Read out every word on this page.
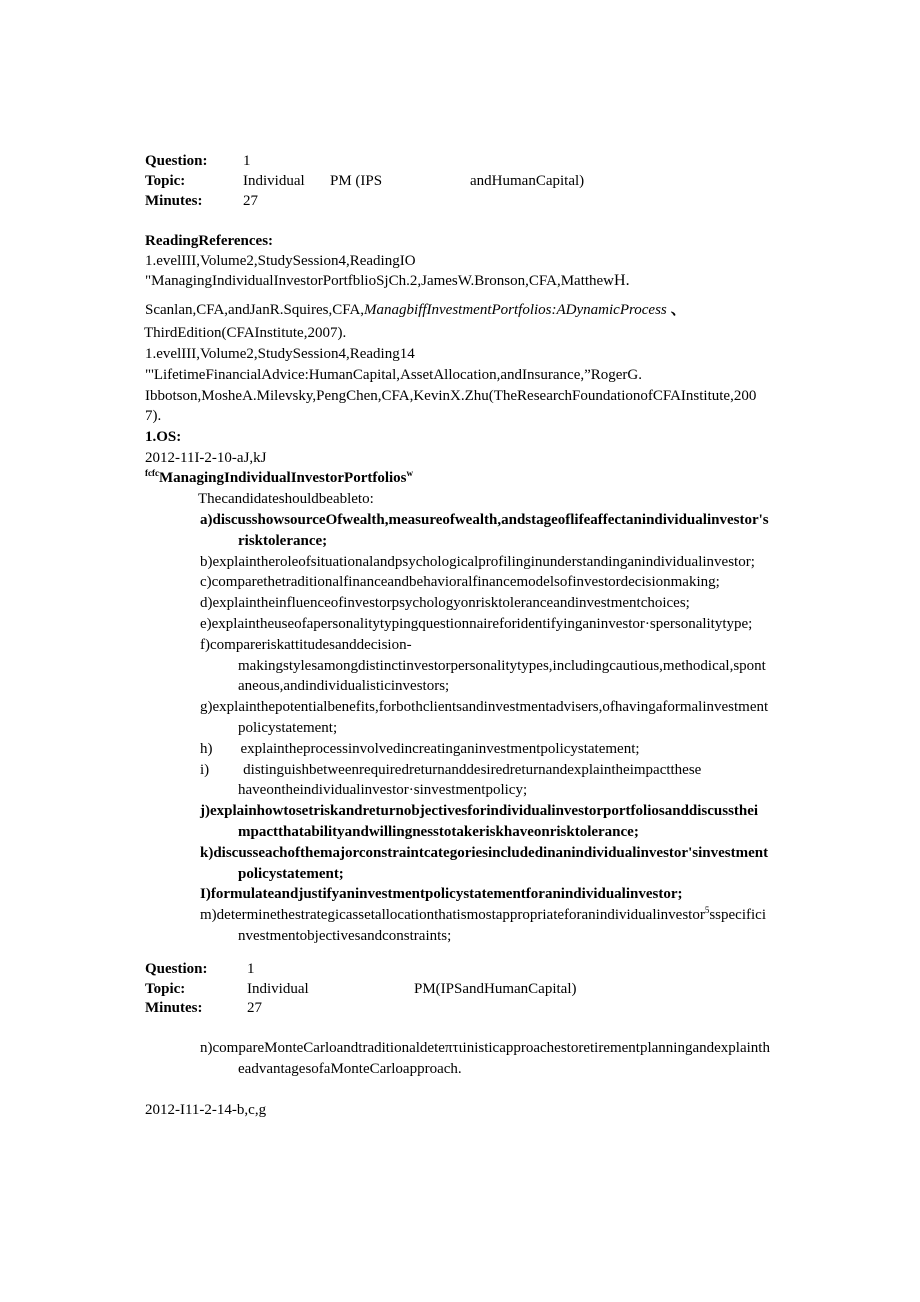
Question: 1
Topic:	Individual PM (IPS	andHumanCapital)
Minutes:	27
ReadingReferences:
1.evelIII,Volume2,StudySession4,ReadingIO
"ManagingIndividualInvestorPortfblioSjCh.2,JamesW.Bronson,CFA,MatthewH.
Scanlan,CFA,andJanR.Squires,CFA,ManagbiffInvestmentPortfolios:ADynamicProcess 、
ThirdEdition(CFAInstitute,2007).
1.evelIII,Volume2,StudySession4,Reading14
"'LifetimeFinancialAdvice:HumanCapital,AssetAllocation,andInsurance,”RogerG.
Ibbotson,MosheA.Milevsky,PengChen,CFA,KevinX.Zhu(TheResearchFoundationofCFAInstitute,200
7).
1.OS:
2012-11I-2-10-aJ,kJ
$^{fcfc}$ManagingIndividualInvestorPortfolios$^w$
Thecandidateshouldbeableto:
a)discusshowsourceOfwealth,measureofwealth,andstageoflifeaffectanindividualinvestor's
risktolerance;
b)explaintheroleofsituationalandpsychologicalprofilinginunderstandinganindividualinvestor;
c)comparethetraditionalfinanceandbehavioralfinancemodelsofinvestordecisionmaking;
d)explaintheinfluenceofinvestorpsychologyonrisktoleranceandinvestmentchoices;
e)explaintheuseofapersonalitytypingquestionnaireforidentifyinganinvestor·spersonalitytype;
f)compareriskattitudesanddecision-
makingstylesamongdistinctinvestorpersonalitytypes,includingcautious,methodical,spont
aneous,andindividualisticinvestors;
g)explainthepotentialbenefits,forbothclientsandinvestmentadvisers,ofhavingaformalinvestment
policystatement;
h) explaintheprocessinvolvedincreatinganinvestmentpolicystatement;
i) distinguishbetweenrequiredreturnanddesiredreturnandexplaintheimpactthese
haveontheindividualinvestor·sinvestmentpolicy;
j)explainhowtosetriskandreturnobjectivesforindividualinvestorportfoliosanddiscussthei
mpactthatabilityandwillingnesstotakeriskhaveonrisktolerance;
k)discusseachofthemajorconstraintcategoriesincludedinanindividualinvestor'sinvestment
policystatement;
I)formulateandjustifyaninvestmentpolicystatementforanindividualinvestor;
m)determinethestrategicassetallocationthatismostappropriateforanindividualinvestor$^5$sspecifici
nvestmentobjectivesandconstraints;
Question:	1
Topic:	Individual	PM(IPSandHumanCapital)
Minutes:	27
n)compareMonteCarloandtraditionaldeteπτιinisticapproachestoretirementplanningandexplainth
eadvantagesofaMonteCarloapproach.
2012-I11-2-14-b,c,g
